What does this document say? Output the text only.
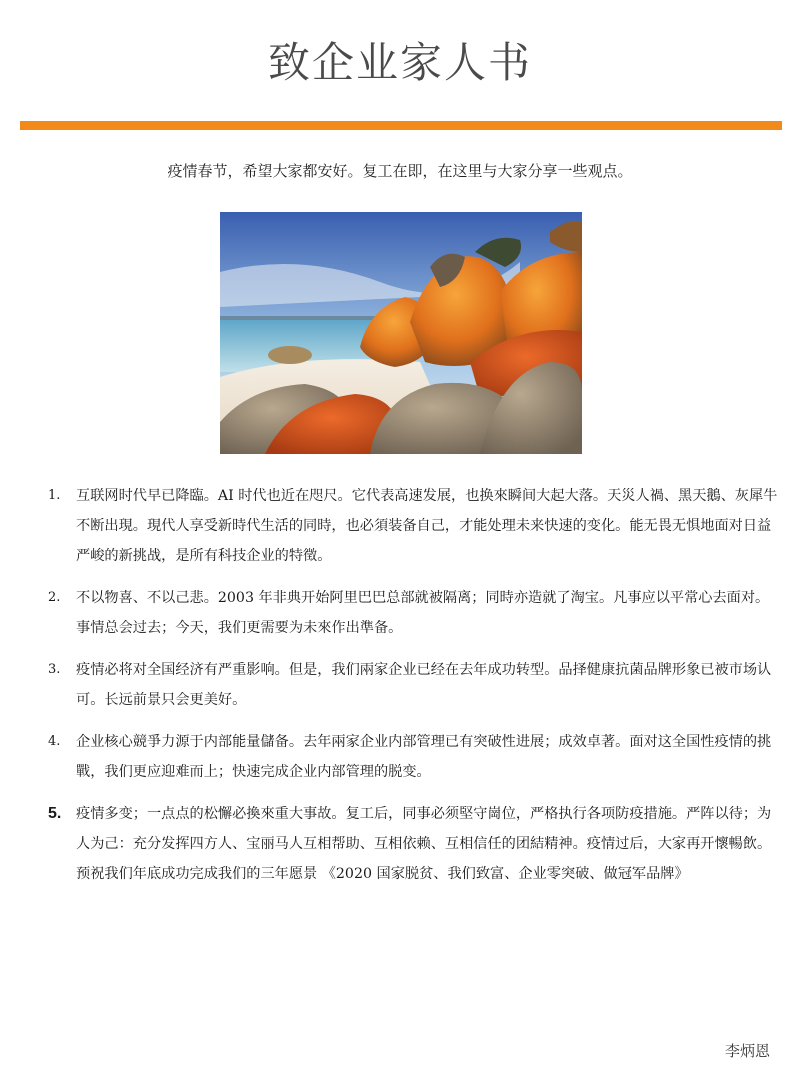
致企业家人书
疫情春节，希望大家都安好。复工在即，在这里与大家分享一些观点。
1. 互联网时代早已降臨。AI 时代也近在咫尺。它代表高速发展，也换來瞬间大起大落。天災人禍、黑天鵝、灰犀牛不断出現。現代人享受新時代生活的同時，也必須装备自己，才能处理未来快速的变化。能无畏无惧地面对日益严峻的新挑战，是所有科技企业的特徵。
2. 不以物喜、不以己悲。2003 年非典开始阿里巴巴总部就被隔离；同時亦造就了淘宝。凡事应以平常心去面对。事情总会过去；今天，我们更需要为未來作出準备。
3. 疫情必将对全国经济有严重影响。但是，我们兩家企业已经在去年成功转型。品择健康抗菌品牌形象已被市场认可。长远前景只会更美好。
4. 企业核心競爭力源于内部能量儲备。去年兩家企业内部管理已有突破性进展；成效卓著。面对这全国性疫情的挑戰，我们更应迎难而上；快速完成企业内部管理的脱变。
5. 疫情多变；一点点的松懈必換來重大事故。复工后，同事必须堅守崗位，严格执行各项防疫措施。严阵以待；为人为己：充分发挥四方人、宝丽马人互相帮助、互相依赖、互相信任的团結精神。疫情过后，大家再开懷暢飲。预祝我们年底成功完成我们的三年愿景 《2020 国家脱贫、我们致富、企业零突破、做冠军品牌》
李炳恩
